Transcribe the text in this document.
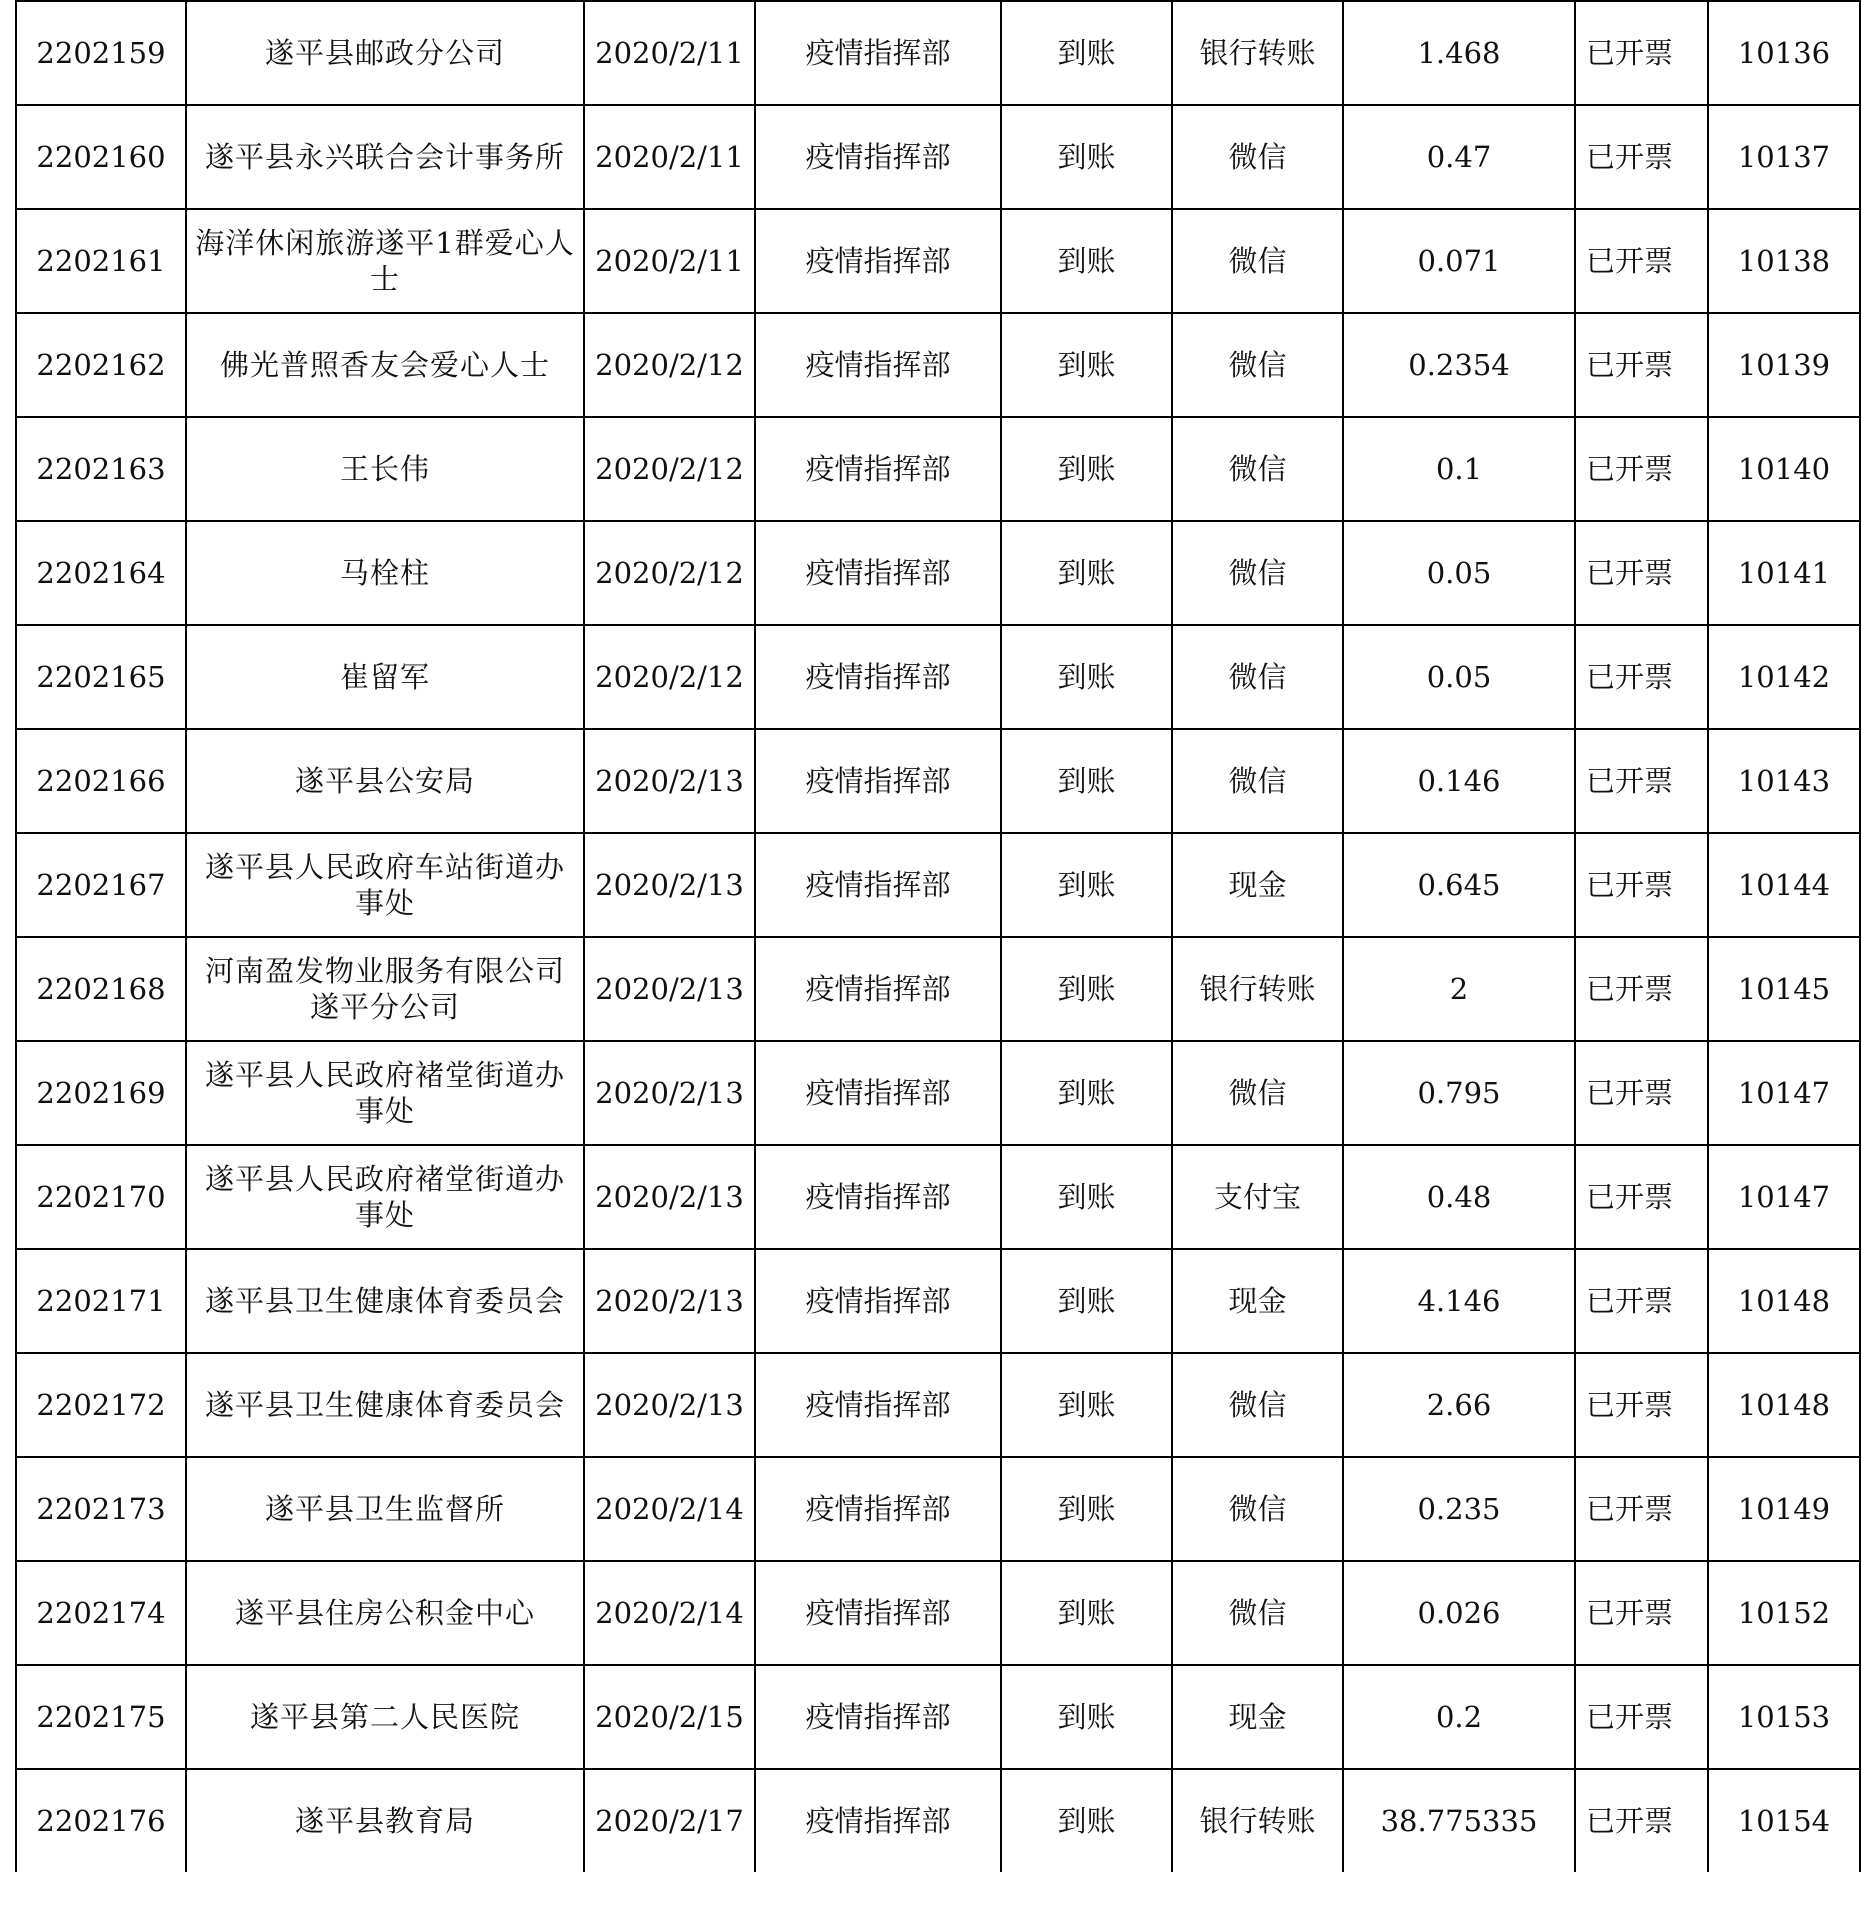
2202159	遂平县邮政分公司	2020/2/11	疫情指挥部	到账	银行转账	1.468	已开票	10136
2202160	遂平县永兴联合会计事务所	2020/2/11	疫情指挥部	到账	微信	0.47	已开票	10137
2202161	海洋休闲旅游遂平1群爱心人士	2020/2/11	疫情指挥部	到账	微信	0.071	已开票	10138
2202162	佛光普照香友会爱心人士	2020/2/12	疫情指挥部	到账	微信	0.2354	已开票	10139
2202163	王长伟	2020/2/12	疫情指挥部	到账	微信	0.1	已开票	10140
2202164	马栓柱	2020/2/12	疫情指挥部	到账	微信	0.05	已开票	10141
2202165	崔留军	2020/2/12	疫情指挥部	到账	微信	0.05	已开票	10142
2202166	遂平县公安局	2020/2/13	疫情指挥部	到账	微信	0.146	已开票	10143
2202167	遂平县人民政府车站街道办事处	2020/2/13	疫情指挥部	到账	现金	0.645	已开票	10144
2202168	河南盈发物业服务有限公司遂平分公司	2020/2/13	疫情指挥部	到账	银行转账	2	已开票	10145
2202169	遂平县人民政府褚堂街道办事处	2020/2/13	疫情指挥部	到账	微信	0.795	已开票	10147
2202170	遂平县人民政府褚堂街道办事处	2020/2/13	疫情指挥部	到账	支付宝	0.48	已开票	10147
2202171	遂平县卫生健康体育委员会	2020/2/13	疫情指挥部	到账	现金	4.146	已开票	10148
2202172	遂平县卫生健康体育委员会	2020/2/13	疫情指挥部	到账	微信	2.66	已开票	10148
2202173	遂平县卫生监督所	2020/2/14	疫情指挥部	到账	微信	0.235	已开票	10149
2202174	遂平县住房公积金中心	2020/2/14	疫情指挥部	到账	微信	0.026	已开票	10152
2202175	遂平县第二人民医院	2020/2/15	疫情指挥部	到账	现金	0.2	已开票	10153
2202176	遂平县教育局	2020/2/17	疫情指挥部	到账	银行转账	38.775335	已开票	10154
